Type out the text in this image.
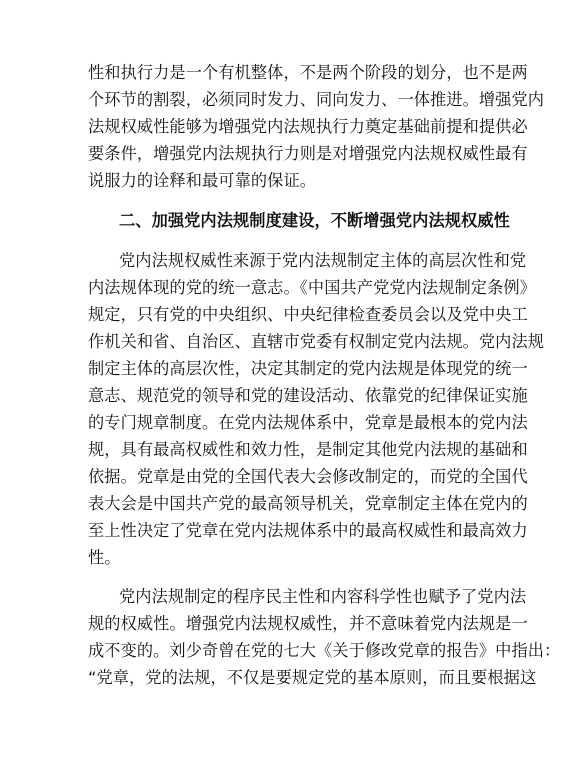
性和执行力是一个有机整体，不是两个阶段的划分，也不是两
个环节的割裂，必须同时发力、同向发力、一体推进。增强党内
法规权威性能够为增强党内法规执行力奠定基础前提和提供必
要条件，增强党内法规执行力则是对增强党内法规权威性最有
说服力的诠释和最可靠的保证。
二、加强党内法规制度建设，不断增强党内法规权威性
党内法规权威性来源于党内法规制定主体的高层次性和党
内法规体现的党的统一意志。《中国共产党党内法规制定条例》
规定，只有党的中央组织、中央纪律检查委员会以及党中央工
作机关和省、自治区、直辖市党委有权制定党内法规。党内法规
制定主体的高层次性，决定其制定的党内法规是体现党的统一
意志、规范党的领导和党的建设活动、依靠党的纪律保证实施
的专门规章制度。在党内法规体系中，党章是最根本的党内法
规，具有最高权威性和效力性，是制定其他党内法规的基础和
依据。党章是由党的全国代表大会修改制定的，而党的全国代
表大会是中国共产党的最高领导机关，党章制定主体在党内的
至上性决定了党章在党内法规体系中的最高权威性和最高效力
性。
党内法规制定的程序民主性和内容科学性也赋予了党内法
规的权威性。增强党内法规权威性，并不意味着党内法规是一
成不变的。刘少奇曾在党的七大《关于修改党章的报告》中指出：
“党章，党的法规，不仅是要规定党的基本原则，而且要根据这
